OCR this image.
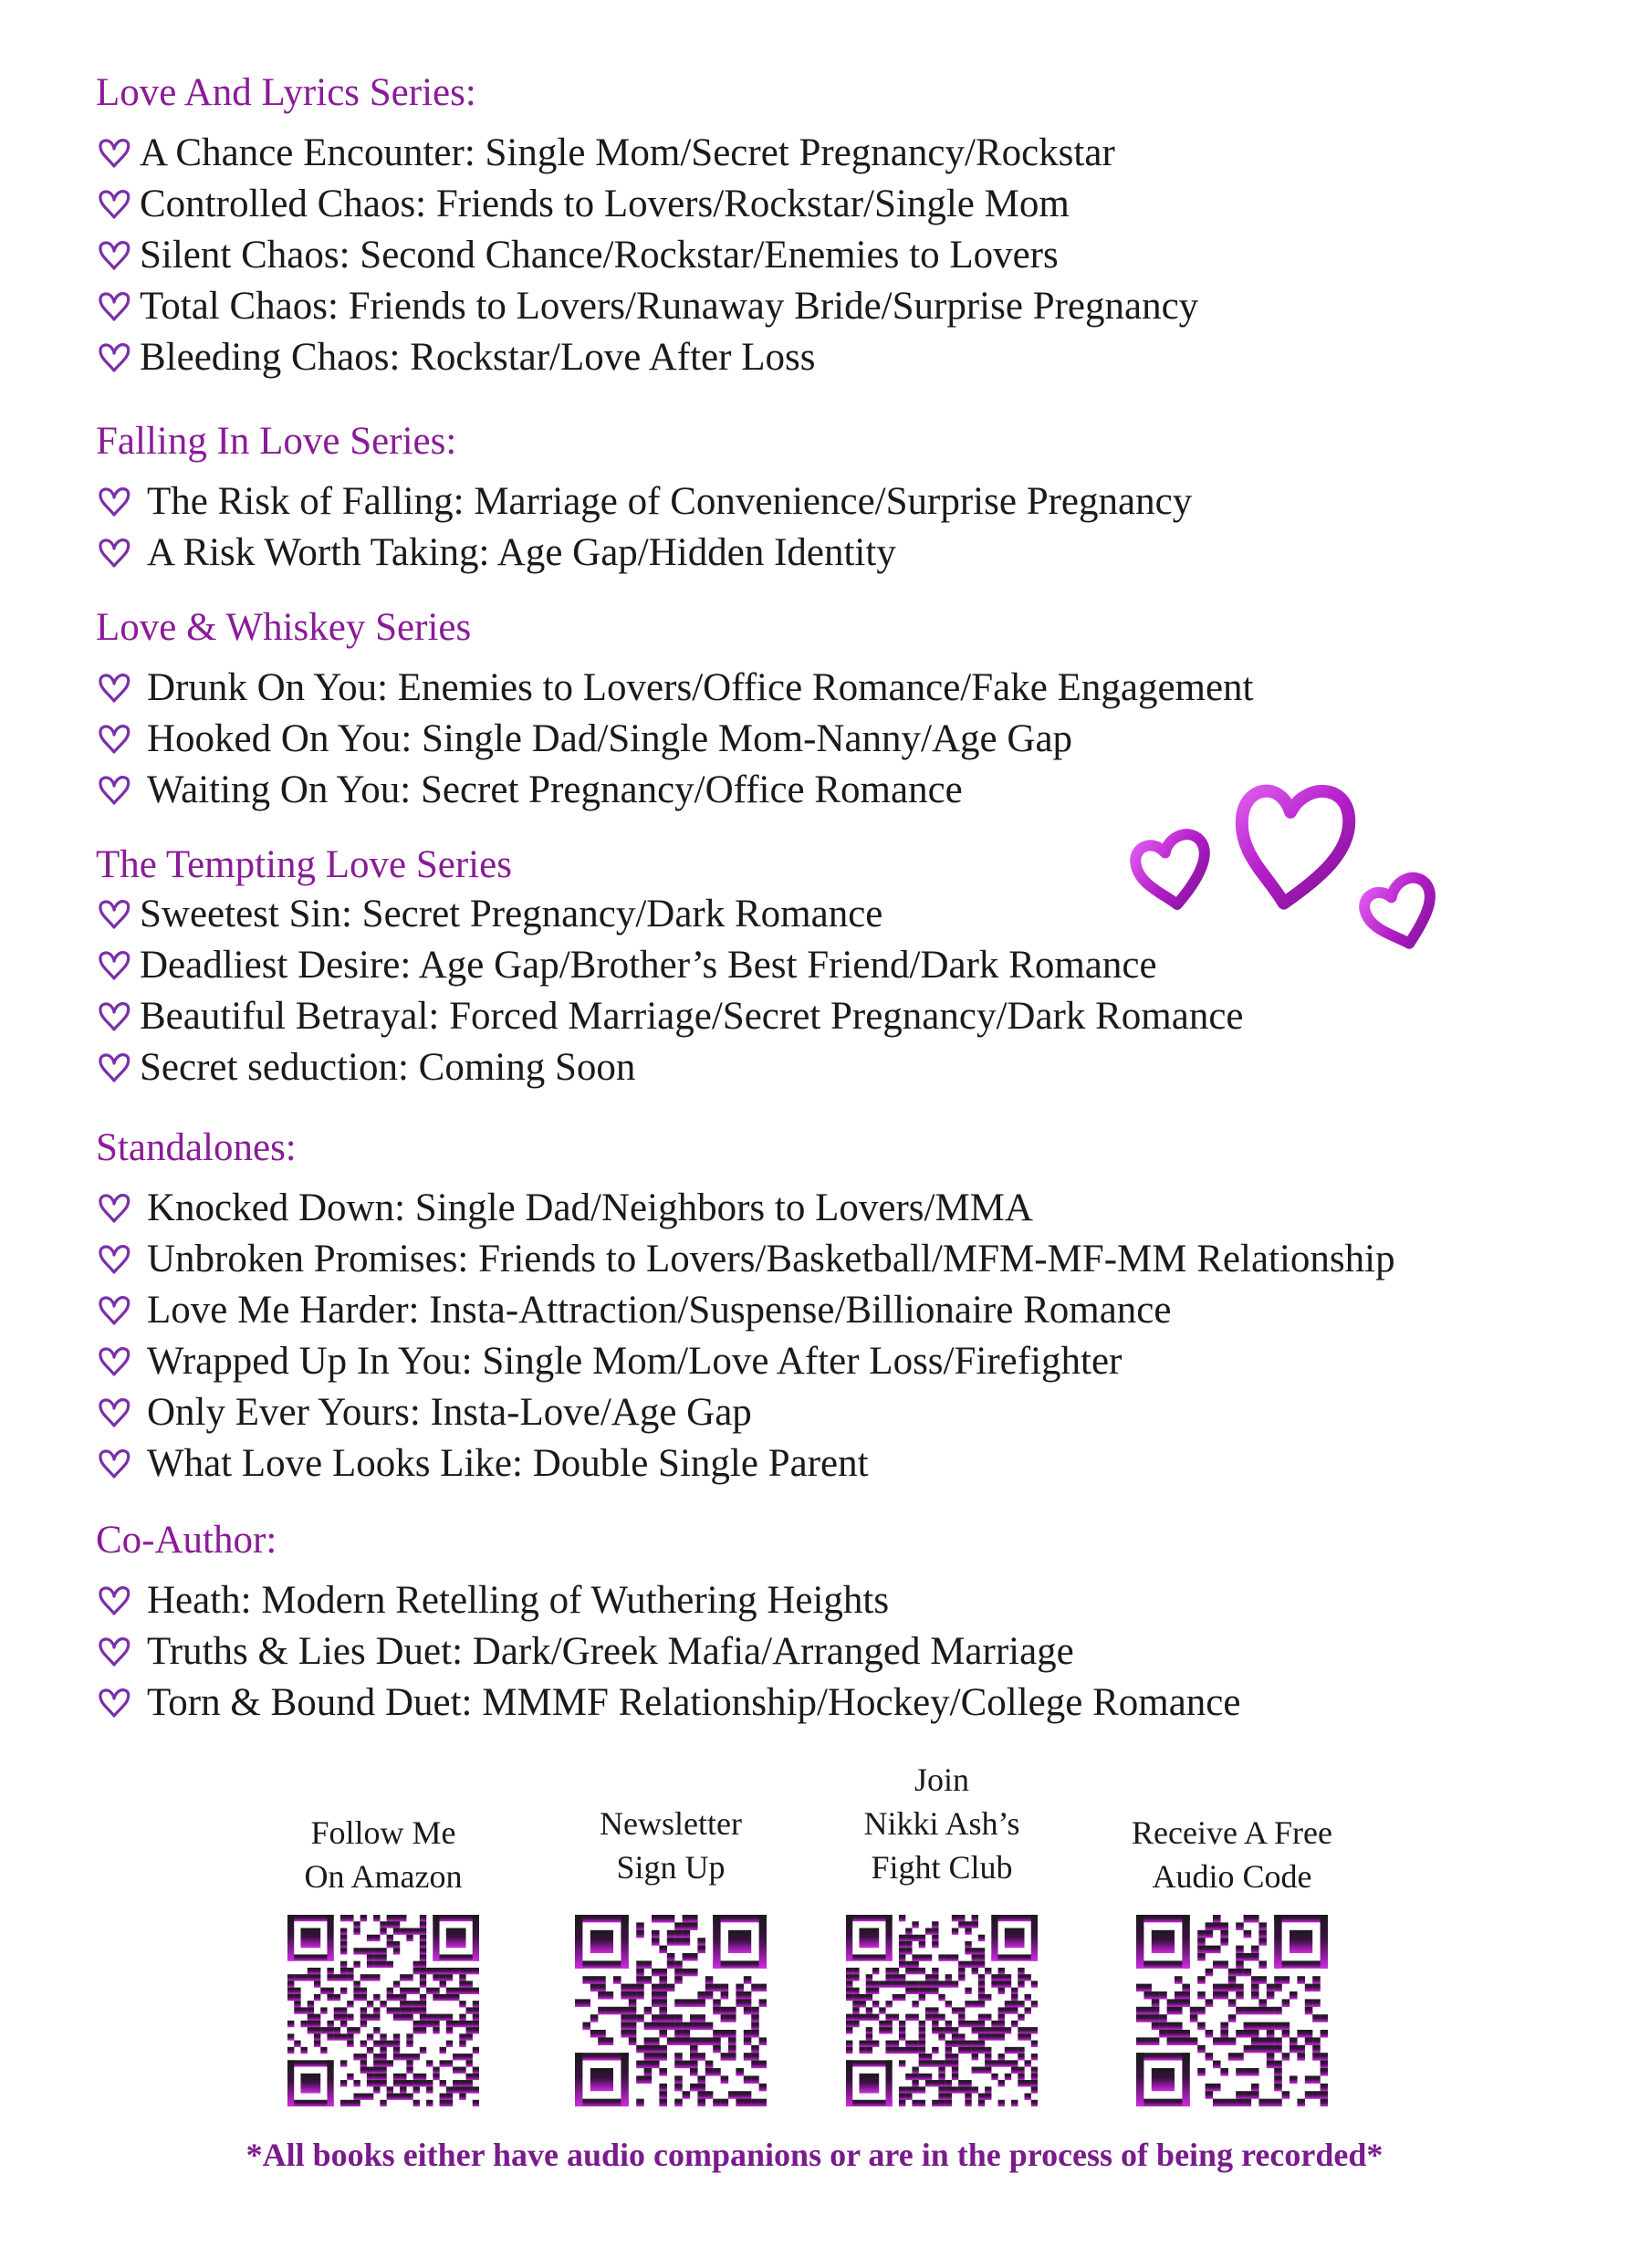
Love And Lyrics Series:
A Chance Encounter: Single Mom/Secret Pregnancy/Rockstar
Controlled Chaos: Friends to Lovers/Rockstar/Single Mom
Silent Chaos: Second Chance/Rockstar/Enemies to Lovers
Total Chaos: Friends to Lovers/Runaway Bride/Surprise Pregnancy
Bleeding Chaos: Rockstar/Love After Loss
Falling In Love Series:
The Risk of Falling: Marriage of Convenience/Surprise Pregnancy
A Risk Worth Taking: Age Gap/Hidden Identity
Love & Whiskey Series
Drunk On You: Enemies to Lovers/Office Romance/Fake Engagement
Hooked On You: Single Dad/Single Mom-Nanny/Age Gap
Waiting On You: Secret Pregnancy/Office Romance
The Tempting Love Series
Sweetest Sin: Secret Pregnancy/Dark Romance
Deadliest Desire: Age Gap/Brother’s Best Friend/Dark Romance
Beautiful Betrayal: Forced Marriage/Secret Pregnancy/Dark Romance
Secret seduction: Coming Soon
Standalones:
Knocked Down: Single Dad/Neighbors to Lovers/MMA
Unbroken Promises: Friends to Lovers/Basketball/MFM-MF-MM Relationship
Love Me Harder: Insta-Attraction/Suspense/Billionaire Romance
Wrapped Up In You: Single Mom/Love After Loss/Firefighter
Only Ever Yours: Insta-Love/Age Gap
What Love Looks Like: Double Single Parent
Co-Author:
Heath: Modern Retelling of Wuthering Heights
Truths & Lies Duet: Dark/Greek Mafia/Arranged Marriage
Torn & Bound Duet: MMMF Relationship/Hockey/College Romance
Follow Me
On Amazon
Newsletter
Sign Up
Join
Nikki Ash’s
Fight Club
Receive A Free
Audio Code
*All books either have audio companions or are in the process of being recorded*
